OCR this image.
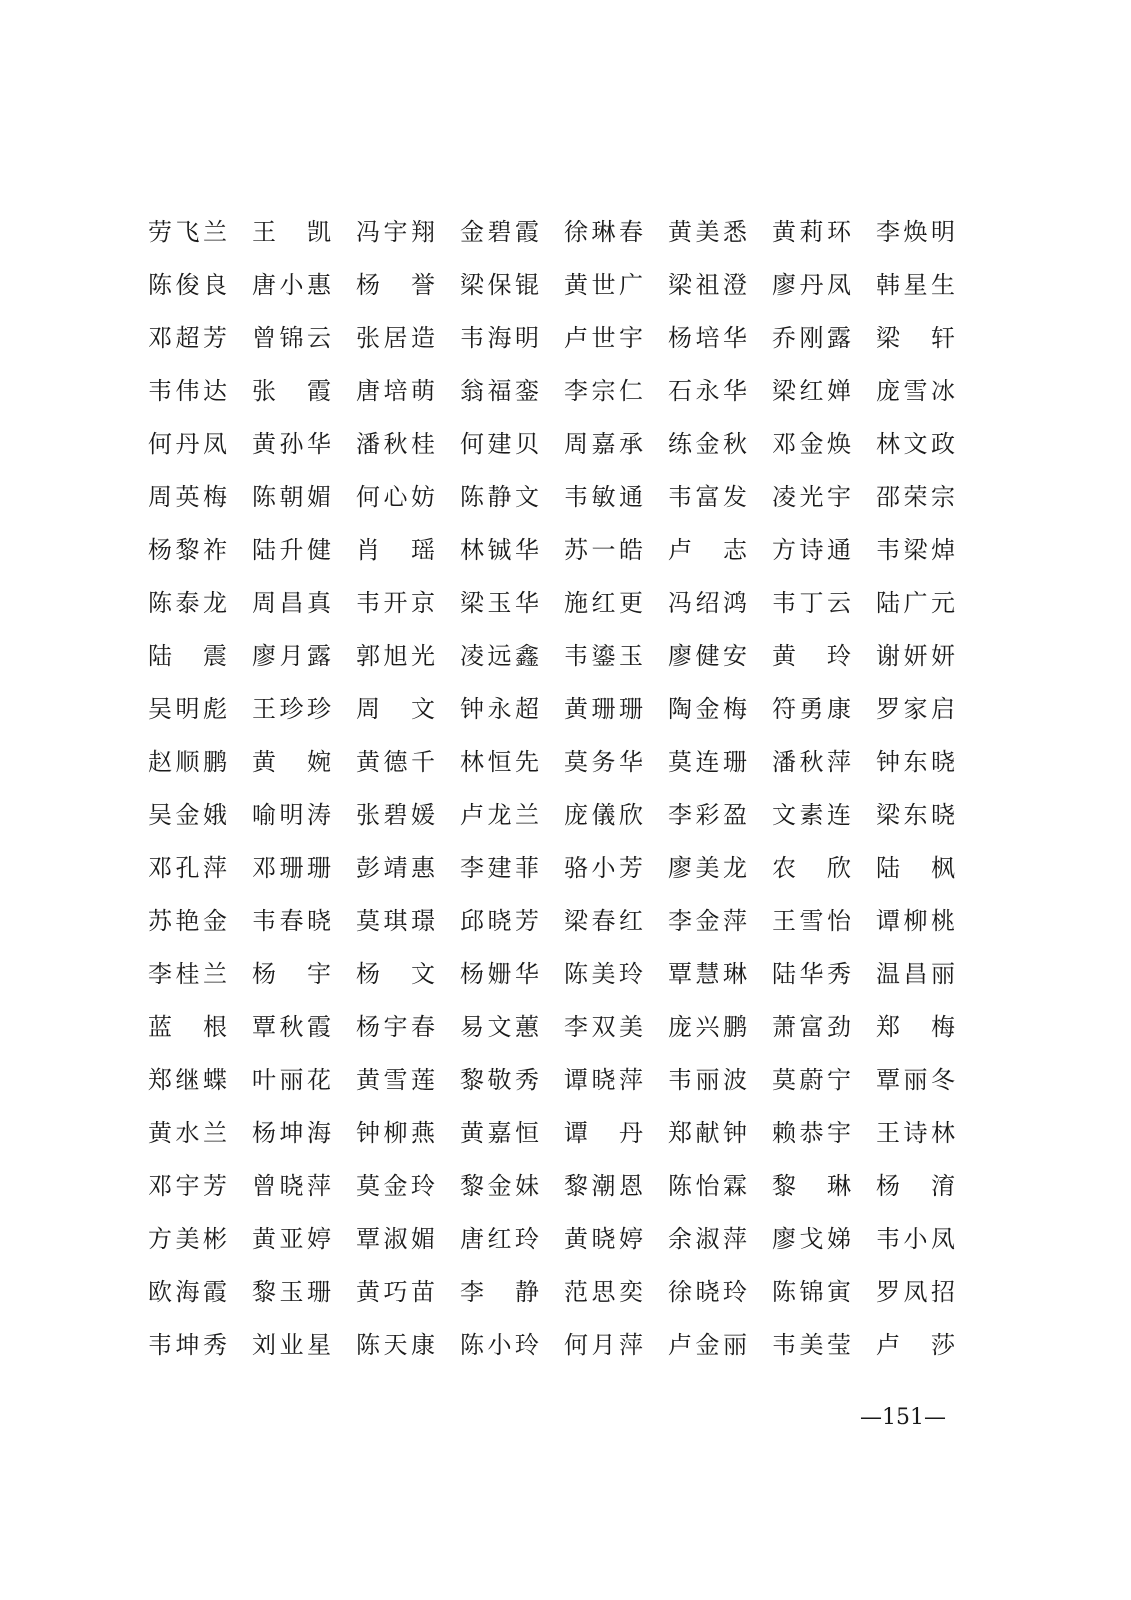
劳飞兰 王　凯 冯宇翔 金碧霞 徐琳春 黄美悉 黄莉环 李焕明
陈俊良 唐小惠 杨　誉 梁保锟 黄世广 梁祖澄 廖丹凤 韩星生
邓超芳 曾锦云 张居造 韦海明 卢世宇 杨培华 乔刚露 梁　轩
韦伟达 张　霞 唐培萌 翁福銮 李宗仁 石永华 梁红婵 庞雪冰
何丹凤 黄孙华 潘秋桂 何建贝 周嘉承 练金秋 邓金焕 林文政
周英梅 陈朝媚 何心妨 陈静文 韦敏通 韦富发 凌光宇 邵荣宗
杨黎祚 陆升健 肖　瑶 林铖华 苏一皓 卢　志 方诗通 韦梁焯
陈泰龙 周昌真 韦开京 梁玉华 施红更 冯绍鸿 韦丁云 陆广元
陆　震 廖月露 郭旭光 凌远鑫 韦鎏玉 廖健安 黄　玲 谢妍妍
吴明彪 王珍珍 周　文 钟永超 黄珊珊 陶金梅 符勇康 罗家启
赵顺鹏 黄　婉 黄德千 林恒先 莫务华 莫连珊 潘秋萍 钟东晓
吴金娥 喻明涛 张碧媛 卢龙兰 庞儀欣 李彩盈 文素连 梁东晓
邓孔萍 邓珊珊 彭靖惠 李建菲 骆小芳 廖美龙 农　欣 陆　枫
苏艳金 韦春晓 莫琪璟 邱晓芳 梁春红 李金萍 王雪怡 谭柳桃
李桂兰 杨　宇 杨　文 杨姗华 陈美玲 覃慧琳 陆华秀 温昌丽
蓝　根 覃秋霞 杨宇春 易文蕙 李双美 庞兴鹏 萧富劲 郑　梅
郑继蝶 叶丽花 黄雪莲 黎敬秀 谭晓萍 韦丽波 莫蔚宁 覃丽冬
黄水兰 杨坤海 钟柳燕 黄嘉恒 谭　丹 郑献钟 赖恭宇 王诗林
邓宇芳 曾晓萍 莫金玲 黎金妹 黎潮恩 陈怡霖 黎　琳 杨　淯
方美彬 黄亚婷 覃淑媚 唐红玲 黄晓婷 余淑萍 廖戈娣 韦小凤
欧海霞 黎玉珊 黄巧苗 李　静 范思奕 徐晓玲 陈锦寅 罗凤招
韦坤秀 刘业星 陈天康 陈小玲 何月萍 卢金丽 韦美莹 卢　莎
—151—
